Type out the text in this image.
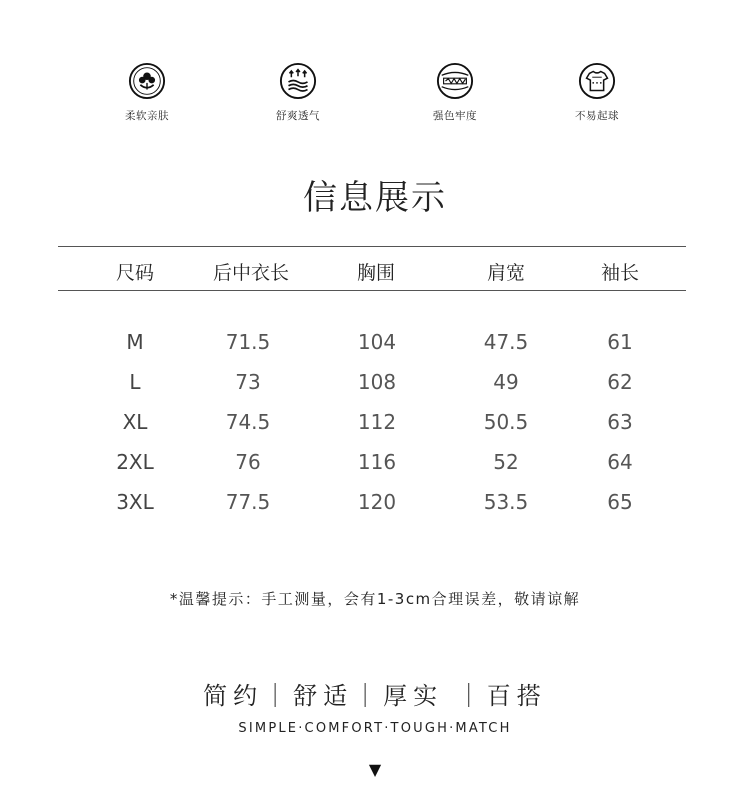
柔软亲肤	舒爽透气	强色牢度	不易起球
信息展示
尺码	后中衣长	胸围	肩宽	袖长
M	71.5	104	47.5	61
L	73	108	49	62
XL	74.5	112	50.5	63
2XL	76	116	52	64
3XL	77.5	120	53.5	65
*温馨提示：手工测量，会有1-3cm合理误差，敬请谅解
简约｜舒适｜厚实 ｜百搭
SIMPLE·COMFORT·TOUGH·MATCH
▼
